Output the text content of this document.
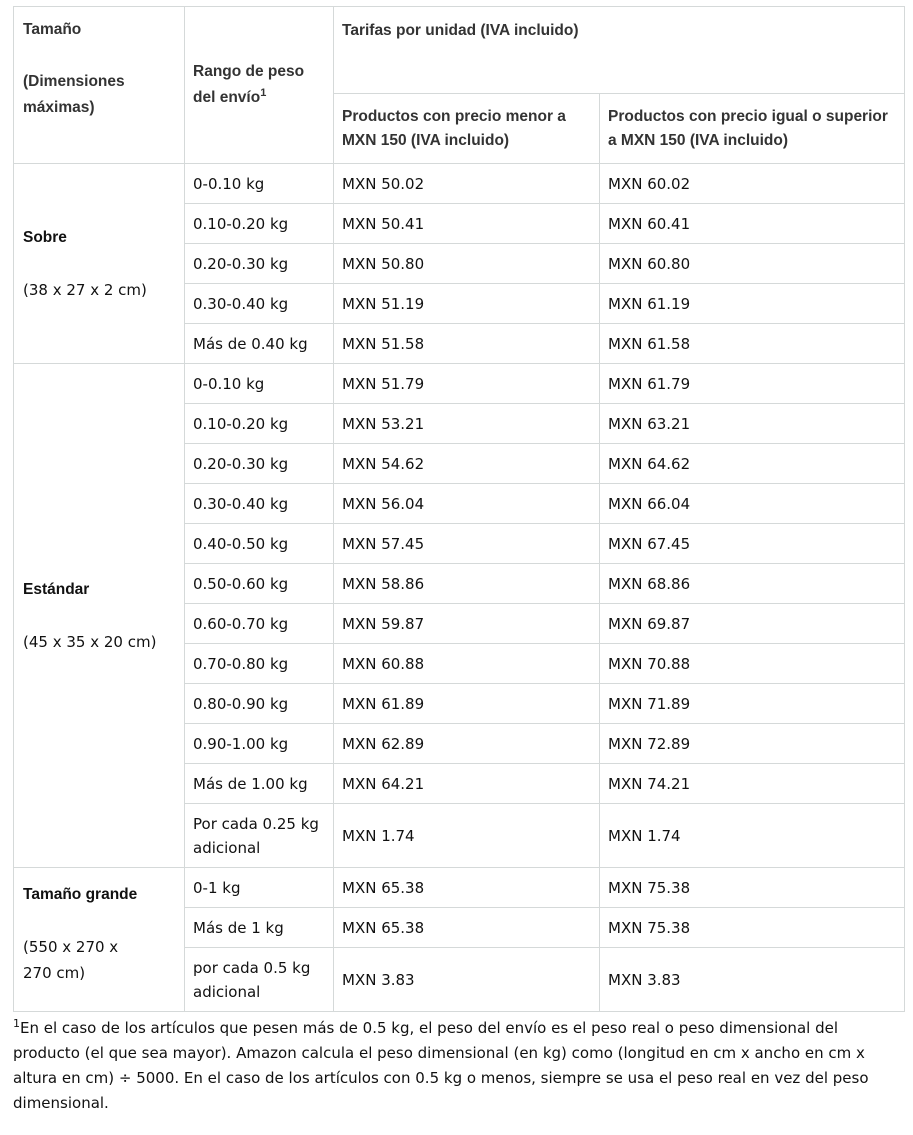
Tamaño
(Dimensiones máximas)	Rango de peso del envío$^1$	Tarifas por unidad (IVA incluido)	

		Productos con precio menor a MXN 150 (IVA incluido)	Productos con precio igual o superior a MXN 150 (IVA incluido)

Sobre
(38 x 27 x 2 cm)	0-0.10 kg	MXN 50.02	MXN 60.02
	0.10-0.20 kg	MXN 50.41	MXN 60.41
	0.20-0.30 kg	MXN 50.80	MXN 60.80
	0.30-0.40 kg	MXN 51.19	MXN 61.19
	Más de 0.40 kg	MXN 51.58	MXN 61.58

Estándar
(45 x 35 x 20 cm)	0-0.10 kg	MXN 51.79	MXN 61.79
	0.10-0.20 kg	MXN 53.21	MXN 63.21
	0.20-0.30 kg	MXN 54.62	MXN 64.62
	0.30-0.40 kg	MXN 56.04	MXN 66.04
	0.40-0.50 kg	MXN 57.45	MXN 67.45
	0.50-0.60 kg	MXN 58.86	MXN 68.86
	0.60-0.70 kg	MXN 59.87	MXN 69.87
	0.70-0.80 kg	MXN 60.88	MXN 70.88
	0.80-0.90 kg	MXN 61.89	MXN 71.89
	0.90-1.00 kg	MXN 62.89	MXN 72.89
	Más de 1.00 kg	MXN 64.21	MXN 74.21
	Por cada 0.25 kg adicional	MXN 1.74	MXN 1.74

Tamaño grande
(550 x 270 x 270 cm)	0-1 kg	MXN 65.38	MXN 75.38
	Más de 1 kg	MXN 65.38	MXN 75.38
	por cada 0.5 kg adicional	MXN 3.83	MXN 3.83
$^1$En el caso de los artículos que pesen más de 0.5 kg, el peso del envío es el peso real o peso dimensional del producto (el que sea mayor). Amazon calcula el peso dimensional (en kg) como (longitud en cm x ancho en cm x altura en cm) ÷ 5000. En el caso de los artículos con 0.5 kg o menos, siempre se usa el peso real en vez del peso dimensional.
